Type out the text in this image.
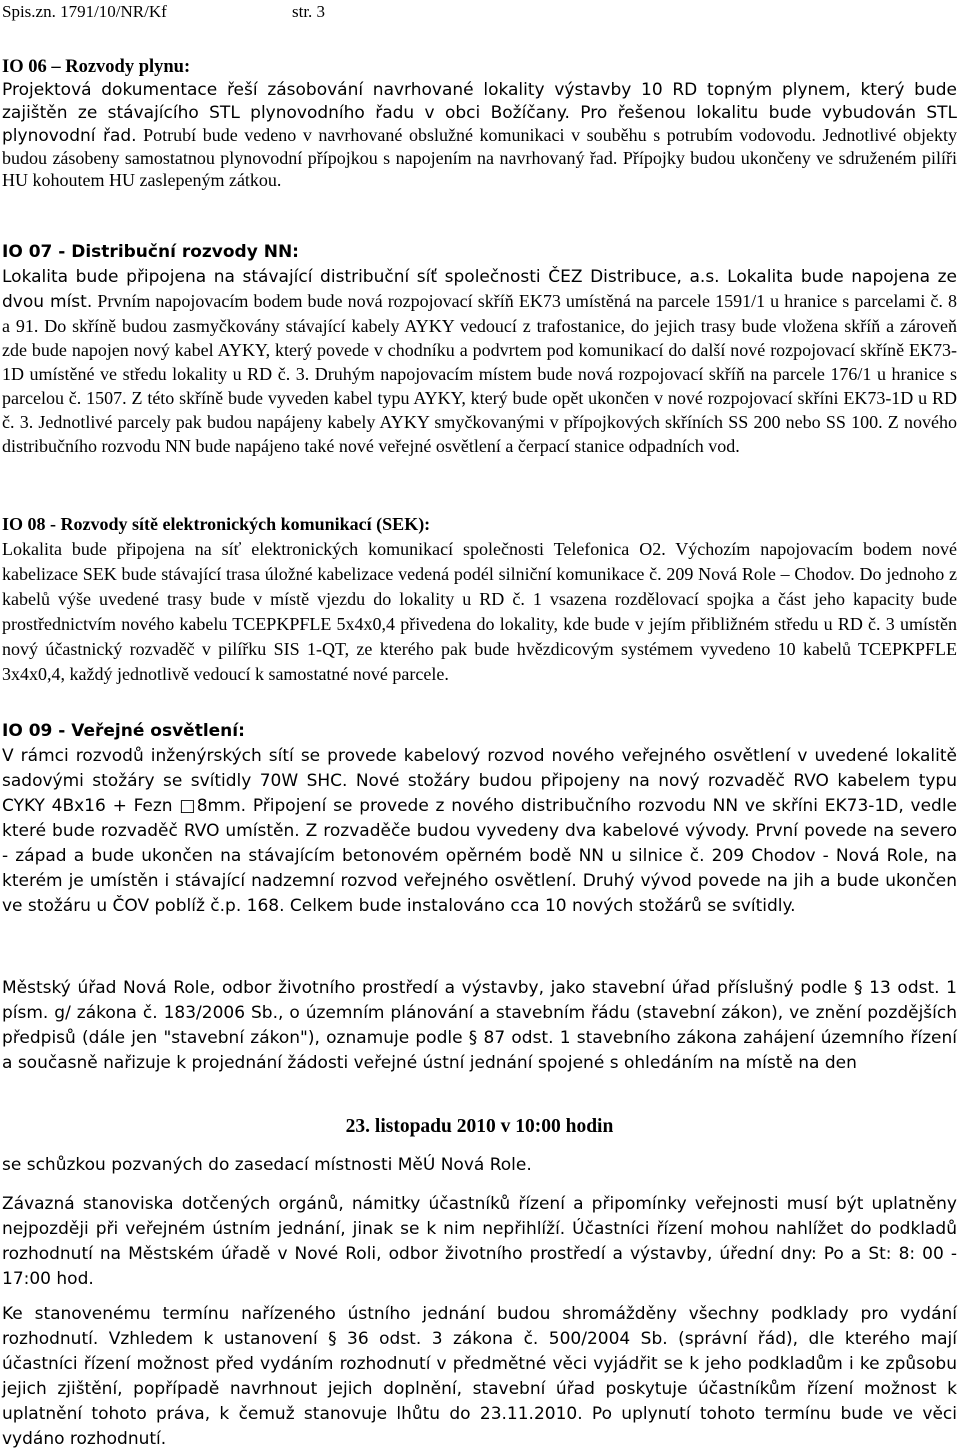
Spis.zn. 1791/10/NR/Kf	str. 3

IO 06 – Rozvody plynu:

Projektová dokumentace řeší zásobování navrhované lokality výstavby 10 RD topným plynem, který bude zajištěn ze stávajícího STL plynovodního řadu v obci Božíčany. Pro řešenou lokalitu bude vybudován STL plynovodní řad. Potrubí bude vedeno v navrhované obslužné komunikaci v souběhu s potrubím vodovodu. Jednotlivé objekty budou zásobeny samostatnou plynovodní přípojkou s napojením na navrhovaný řad. Přípojky budou ukončeny ve sdruženém pilíři HU kohoutem HU zaslepeným zátkou.

IO 07 - Distribuční rozvody NN:

Lokalita bude připojena na stávající distribuční síť společnosti ČEZ Distribuce, a.s. Lokalita bude napojena ze dvou míst. Prvním napojovacím bodem bude nová rozpojovací skříň EK73 umístěná na parcele 1591/1 u hranice s parcelami č. 8 a 91. Do skříně budou zasmyčkovány stávající kabely AYKY vedoucí z trafostanice, do jejich trasy bude vložena skříň a zároveň zde bude napojen nový kabel AYKY, který povede v chodníku a podvrtem pod komunikací do další nové rozpojovací skříně EK73-1D umístěné ve středu lokality u RD č. 3. Druhým napojovacím místem bude nová rozpojovací skříň na parcele 176/1 u hranice s parcelou č. 1507. Z této skříně bude vyveden kabel typu AYKY, který bude opět ukončen v nové rozpojovací skříni EK73-1D u RD č. 3. Jednotlivé parcely pak budou napájeny kabely AYKY smyčkovanými v přípojkových skříních SS 200 nebo SS 100. Z nového distribučního rozvodu NN bude napájeno také nové veřejné osvětlení a čerpací stanice odpadních vod.

IO 08 - Rozvody sítě elektronických komunikací (SEK):

Lokalita bude připojena na síť elektronických komunikací společnosti Telefonica O2. Výchozím napojovacím bodem nové kabelizace SEK bude stávající trasa úložné kabelizace vedená podél silniční komunikace č. 209 Nová Role – Chodov. Do jednoho z kabelů výše uvedené trasy bude v místě vjezdu do lokality u RD č. 1 vsazena rozdělovací spojka a část jeho kapacity bude prostřednictvím nového kabelu TCEPKPFLE 5x4x0,4 přivedena do lokality, kde bude v jejím přibližném středu u RD č. 3 umístěn nový účastnický rozvaděč v pilířku SIS 1-QT, ze kterého pak bude hvězdicovým systémem vyvedeno 10 kabelů TCEPKPFLE 3x4x0,4, každý jednotlivě vedoucí k samostatné nové parcele.

IO 09 - Veřejné osvětlení:

V rámci rozvodů inženýrských sítí se provede kabelový rozvod nového veřejného osvětlení v uvedené lokalitě sadovými stožáry se svítidly 70W SHC. Nové stožáry budou připojeny na nový rozvaděč RVO kabelem typu CYKY 4Bx16 + Fezn □8mm. Připojení se provede z nového distribučního rozvodu NN ve skříni EK73-1D, vedle které bude rozvaděč RVO umístěn. Z rozvaděče budou vyvedeny dva kabelové vývody. První povede na severo - západ a bude ukončen na stávajícím betonovém opěrném bodě NN u silnice č. 209 Chodov - Nová Role, na kterém je umístěn i stávající nadzemní rozvod veřejného osvětlení. Druhý vývod povede na jih a bude ukončen ve stožáru u ČOV poblíž č.p. 168. Celkem bude instalováno cca 10 nových stožárů se svítidly.

Městský úřad Nová Role, odbor životního prostředí a výstavby, jako stavební úřad příslušný podle § 13 odst. 1 písm. g/ zákona č. 183/2006 Sb., o územním plánování a stavebním řádu (stavební zákon), ve znění pozdějších předpisů (dále jen "stavební zákon"), oznamuje podle § 87 odst. 1 stavebního zákona zahájení územního řízení a současně nařizuje k projednání žádosti veřejné ústní jednání spojené s ohledáním na místě na den

23. listopadu 2010 v 10:00 hodin
se schůzkou pozvaných do zasedací místnosti MěÚ Nová Role.

Závazná stanoviska dotčených orgánů, námitky účastníků řízení a připomínky veřejnosti musí být uplatněny nejpozději při veřejném ústním jednání, jinak se k nim nepřihlíží. Účastníci řízení mohou nahlížet do podkladů rozhodnutí na Městském úřadě v Nové Roli, odbor životního prostředí a výstavby, úřední dny: Po a St: 8: 00 - 17:00 hod.

Ke stanovenému termínu nařízeného ústního jednání budou shromážděny všechny podklady pro vydání rozhodnutí. Vzhledem k ustanovení § 36 odst. 3 zákona č. 500/2004 Sb. (správní řád), dle kterého mají účastníci řízení možnost před vydáním rozhodnutí v předmětné věci vyjádřit se k jeho podkladům i ke způsobu jejich zjištění, popřípadě navrhnout jejich doplnění, stavební úřad poskytuje účastníkům řízení možnost k uplatnění tohoto práva, k čemuž stanovuje lhůtu do 23.11.2010. Po uplynutí tohoto termínu bude ve věci vydáno rozhodnutí.
